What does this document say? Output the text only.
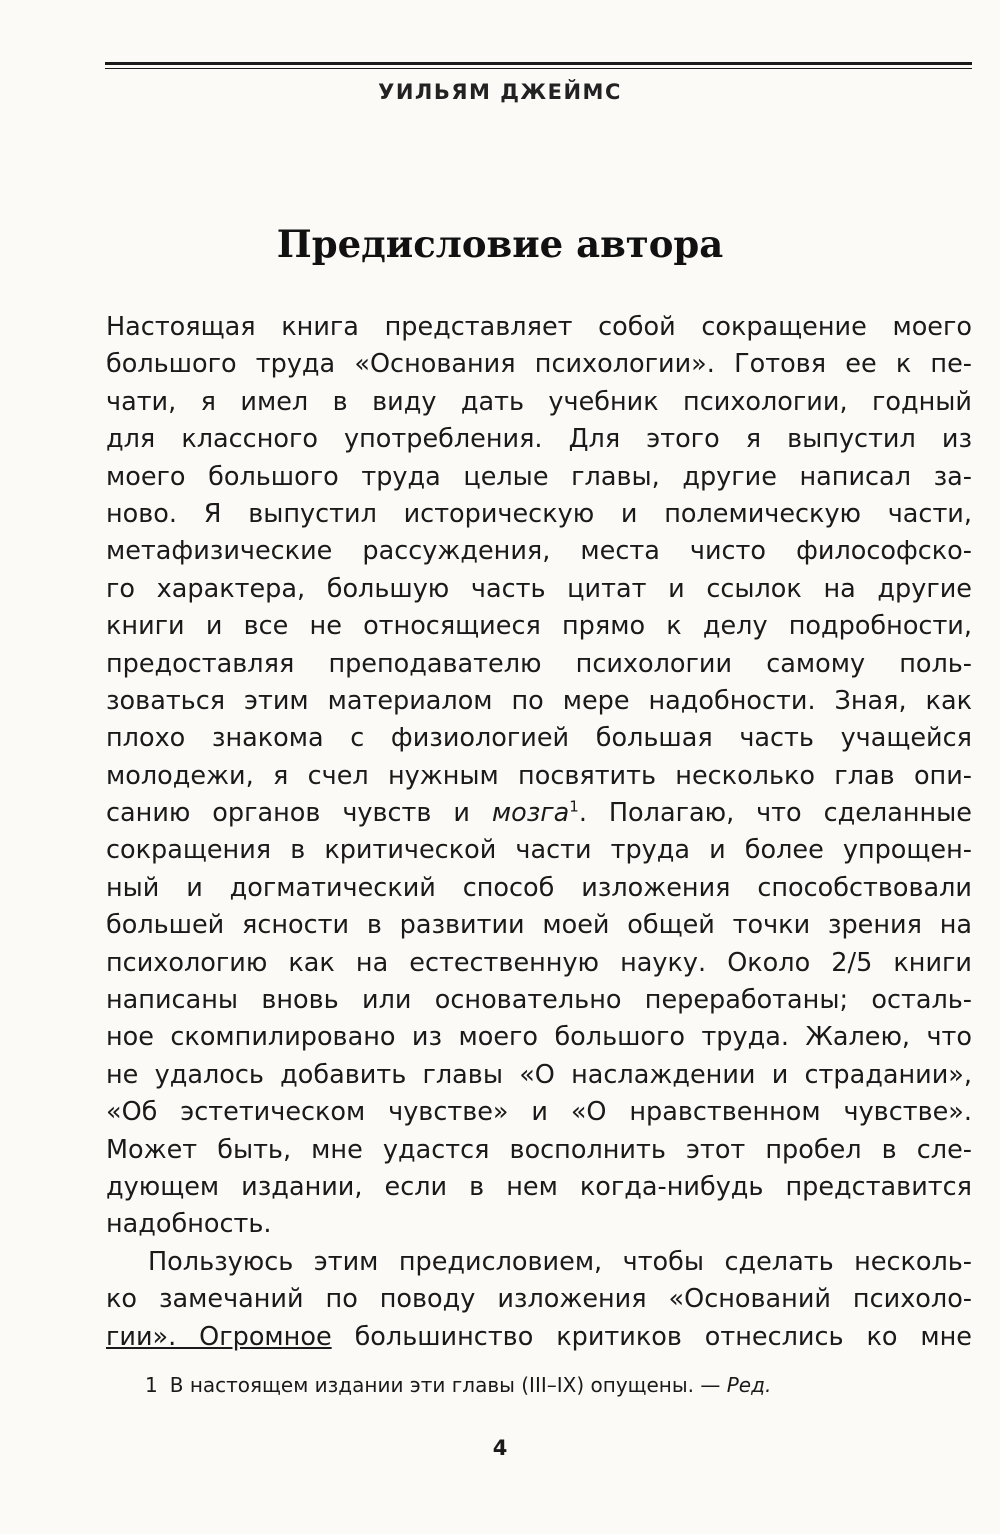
УИЛЬЯМ ДЖЕЙМС
Предисловие автора
Настоящая книга представляет собой сокращение моего
большого труда «Основания психологии». Готовя ее к пе-
чати, я имел в виду дать учебник психологии, годный
для классного употребления. Для этого я выпустил из
моего большого труда целые главы, другие написал за-
ново. Я выпустил историческую и полемическую части,
метафизические рассуждения, места чисто философско-
го характера, большую часть цитат и ссылок на другие
книги и все не относящиеся прямо к делу подробности,
предоставляя преподавателю психологии самому поль-
зоваться этим материалом по мере надобности. Зная, как
плохо знакома с физиологией большая часть учащейся
молодежи, я счел нужным посвятить несколько глав опи-
санию органов чувств и мозга$^1$. Полагаю, что сделанные
сокращения в критической части труда и более упрощен-
ный и догматический способ изложения способствовали
большей ясности в развитии моей общей точки зрения на
психологию как на естественную науку. Около 2/5 книги
написаны вновь или основательно переработаны; осталь-
ное скомпилировано из моего большого труда. Жалею, что
не удалось добавить главы «О наслаждении и страдании»,
«Об эстетическом чувстве» и «О нравственном чувстве».
Может быть, мне удастся восполнить этот пробел в сле-
дующем издании, если в нем когда-нибудь представится
надобность.
Пользуюсь этим предисловием, чтобы сделать несколь-
ко замечаний по поводу изложения «Оснований психоло-
гии». Огромное большинство критиков отнеслись ко мне
1 В настоящем издании эти главы (III–IX) опущены. — Ред.
4
